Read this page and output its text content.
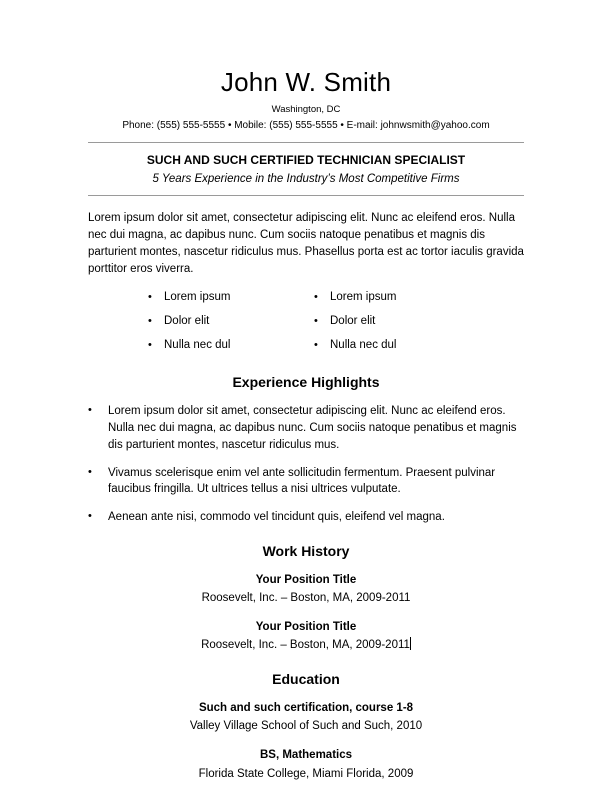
John W. Smith
Washington, DC
Phone: (555) 555-5555 • Mobile: (555) 555-5555 • E-mail: johnwsmith@yahoo.com
SUCH AND SUCH CERTIFIED TECHNICIAN SPECIALIST
5 Years Experience in the Industry’s Most Competitive Firms
Lorem ipsum dolor sit amet, consectetur adipiscing elit. Nunc ac eleifend eros. Nulla nec dui magna, ac dapibus nunc. Cum sociis natoque penatibus et magnis dis parturient montes, nascetur ridiculus mus. Phasellus porta est ac tortor iaculis gravida porttitor eros viverra.
•	Lorem ipsum
•	Dolor elit
•	Nulla nec dul
•	Lorem ipsum
•	Dolor elit
•	Nulla nec dul
Experience Highlights
•	Lorem ipsum dolor sit amet, consectetur adipiscing elit. Nunc ac eleifend eros. Nulla nec dui magna, ac dapibus nunc. Cum sociis natoque penatibus et magnis dis parturient montes, nascetur ridiculus mus.
•	Vivamus scelerisque enim vel ante sollicitudin fermentum. Praesent pulvinar faucibus fringilla. Ut ultrices tellus a nisi ultrices vulputate.
•	Aenean ante nisi, commodo vel tincidunt quis, eleifend vel magna.
Work History
Your Position Title
Roosevelt, Inc. – Boston, MA, 2009-2011
Your Position Title
Roosevelt, Inc. – Boston, MA, 2009-2011
Education
Such and such certification, course 1-8
Valley Village School of Such and Such, 2010
BS, Mathematics
Florida State College, Miami Florida, 2009
